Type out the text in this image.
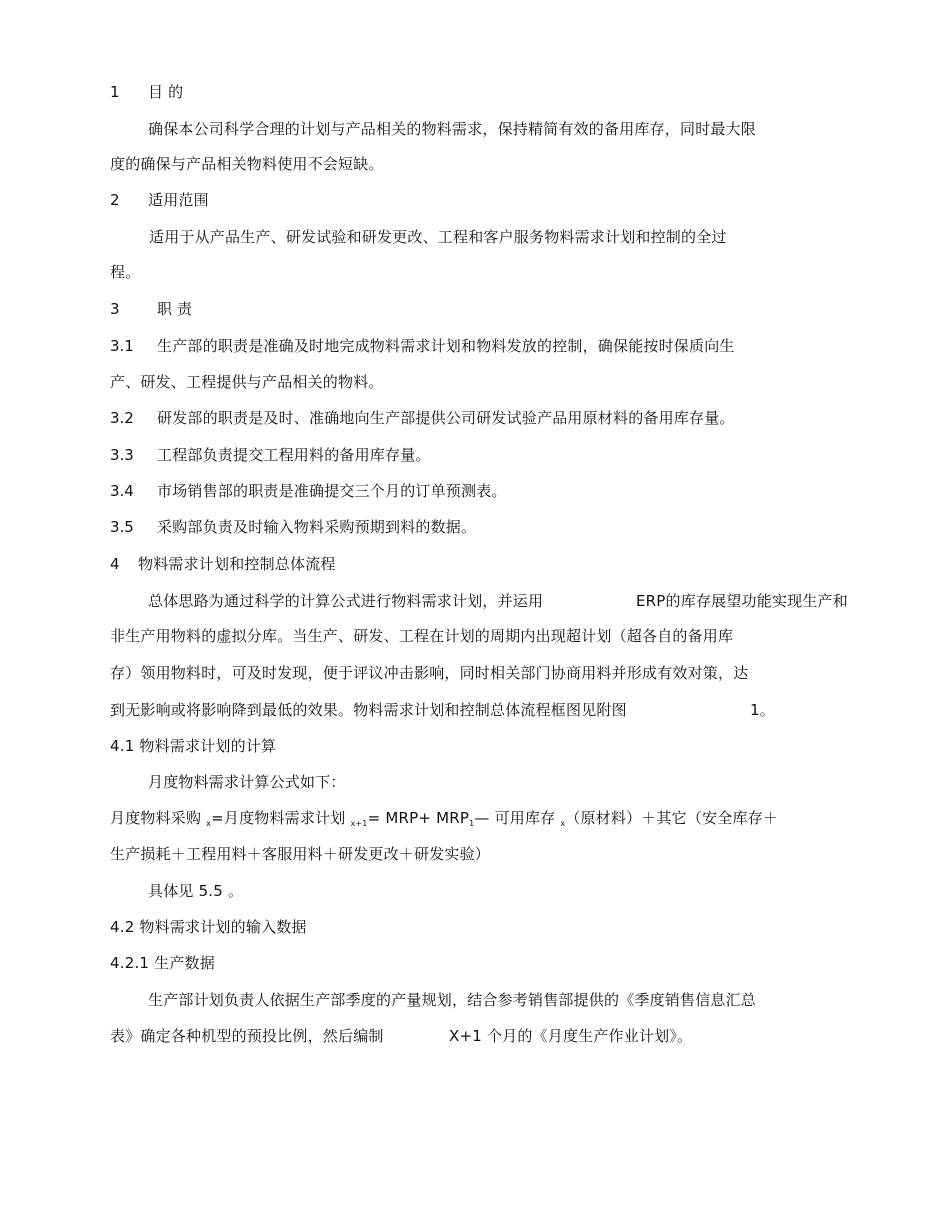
1 目 的
确保本公司科学合理的计划与产品相关的物料需求，保持精简有效的备用库存，同时最大限
度的确保与产品相关物料使用不会短缺。
2 适用范围
适用于从产品生产、研发试验和研发更改、工程和客户服务物料需求计划和控制的全过
程。
3 职 责
3.1 生产部的职责是准确及时地完成物料需求计划和物料发放的控制，确保能按时保质向生
产、研发、工程提供与产品相关的物料。
3.2 研发部的职责是及时、准确地向生产部提供公司研发试验产品用原材料的备用库存量。
3.3 工程部负责提交工程用料的备用库存量。
3.4 市场销售部的职责是准确提交三个月的订单预测表。
3.5 采购部负责及时输入物料采购预期到料的数据。
4 物料需求计划和控制总体流程
总体思路为通过科学的计算公式进行物料需求计划，并运用	ERP的库存展望功能实现生产和
非生产用物料的虚拟分库。当生产、研发、工程在计划的周期内出现超计划（超各自的备用库
存）领用物料时，可及时发现，便于评议冲击影响，同时相关部门协商用料并形成有效对策，达
到无影响或将影响降到最低的效果。物料需求计划和控制总体流程框图见附图	1。
4.1 物料需求计划的计算
月度物料需求计算公式如下：
月度物料采购 $_x$=月度物料需求计划 $_{x+1}= MRP+ MRP_1—$ 可用库存 $_x$（原材料）＋其它（安全库存＋
生产损耗＋工程用料＋客服用料＋研发更改＋研发实验）
具体见 5.5 。
4.2 物料需求计划的输入数据
4.2.1 生产数据
生产部计划负责人依据生产部季度的产量规划，结合参考销售部提供的《季度销售信息汇总
表》确定各种机型的预投比例，然后编制	X+1 个月的《月度生产作业计划》。
